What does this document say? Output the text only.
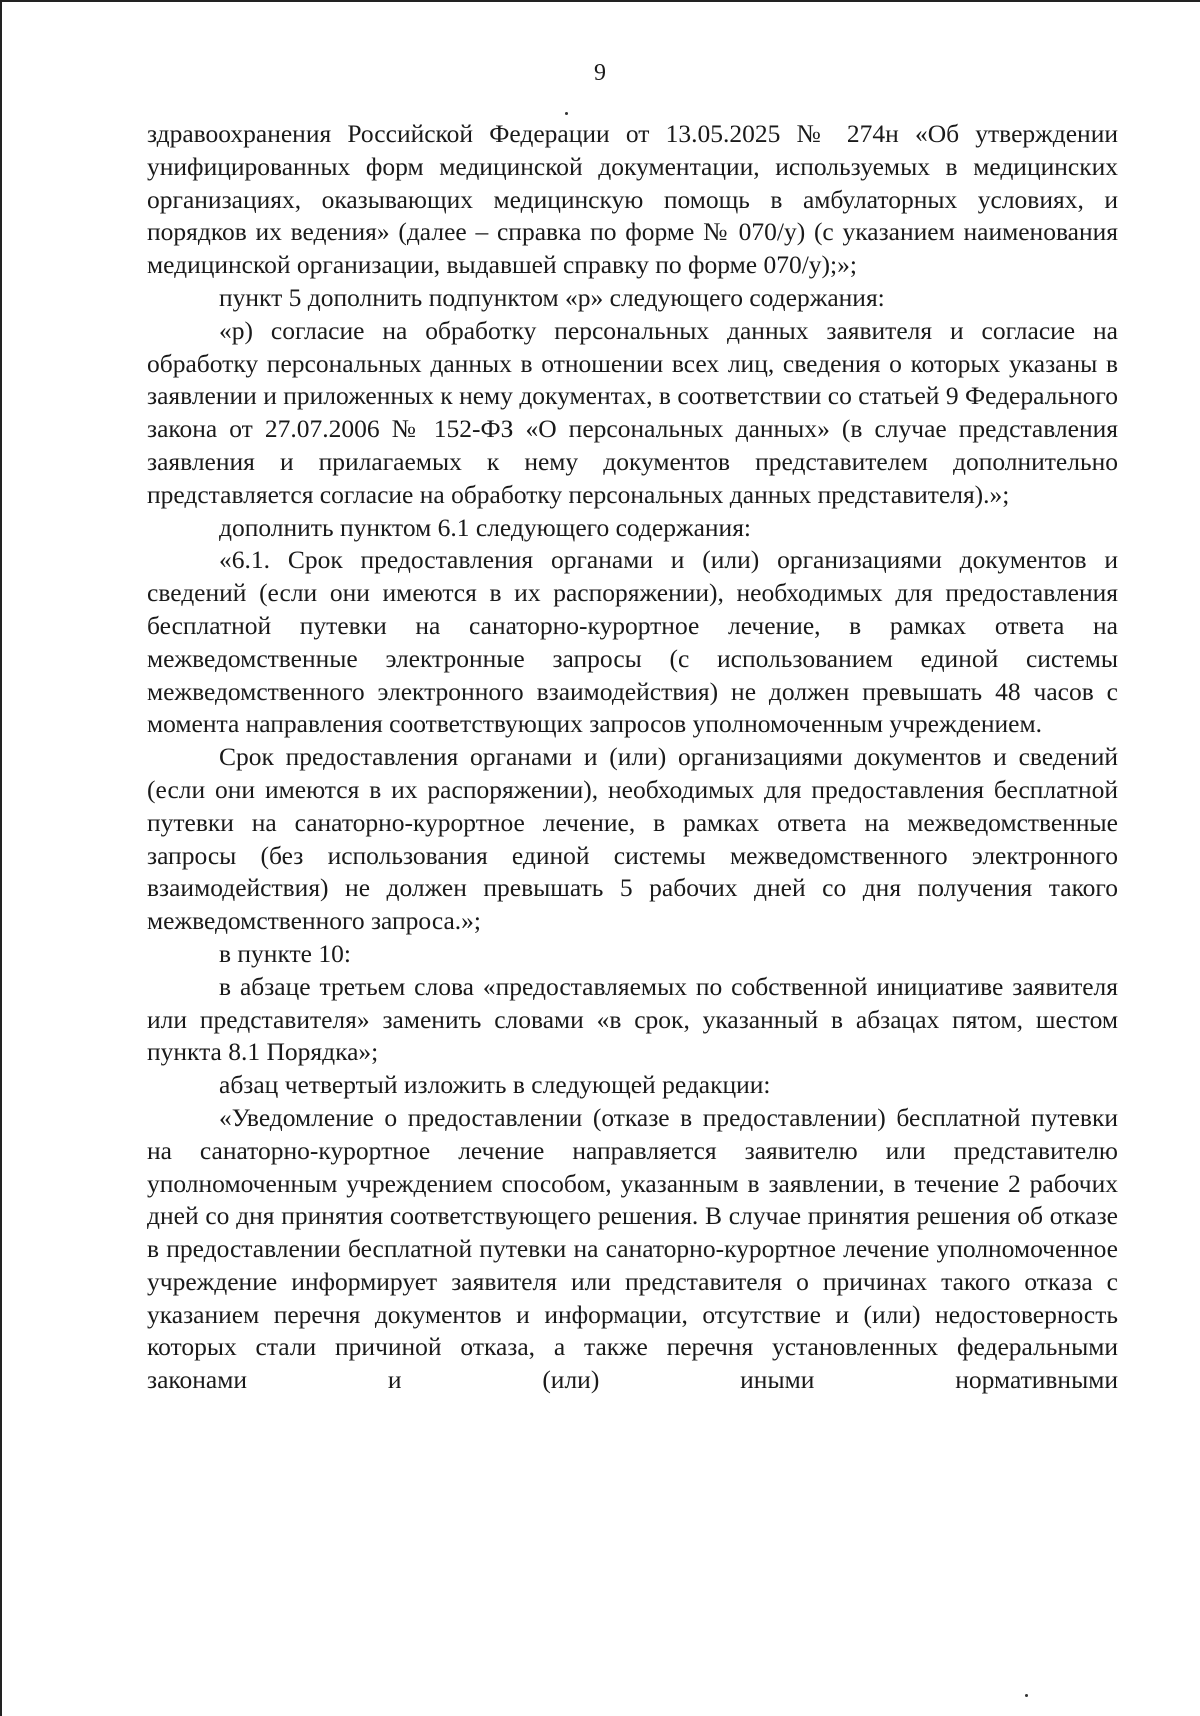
9

здравоохранения Российской Федерации от 13.05.2025 № 274н «Об утверждении унифицированных форм медицинской документации, используемых в медицинских организациях, оказывающих медицинскую помощь в амбулаторных условиях, и порядков их ведения» (далее – справка по форме № 070/у) (с указанием наименования медицинской организации, выдавшей справку по форме 070/у);»;

пункт 5 дополнить подпунктом «р» следующего содержания:

«р) согласие на обработку персональных данных заявителя и согласие на обработку персональных данных в отношении всех лиц, сведения о которых указаны в заявлении и приложенных к нему документах, в соответствии со статьей 9 Федерального закона от 27.07.2006 № 152-ФЗ «О персональных данных» (в случае представления заявления и прилагаемых к нему документов представителем дополнительно представляется согласие на обработку персональных данных представителя).»;

дополнить пунктом 6.1 следующего содержания:

«6.1. Срок предоставления органами и (или) организациями документов и сведений (если они имеются в их распоряжении), необходимых для предоставления бесплатной путевки на санаторно-курортное лечение, в рамках ответа на межведомственные электронные запросы (с использованием единой системы межведомственного электронного взаимодействия) не должен превышать 48 часов с момента направления соответствующих запросов уполномоченным учреждением.

Срок предоставления органами и (или) организациями документов и сведений (если они имеются в их распоряжении), необходимых для предоставления бесплатной путевки на санаторно-курортное лечение, в рамках ответа на межведомственные запросы (без использования единой системы межведомственного электронного взаимодействия) не должен превышать 5 рабочих дней со дня получения такого межведомственного запроса.»;

в пункте 10:

в абзаце третьем слова «предоставляемых по собственной инициативе заявителя или представителя» заменить словами «в срок, указанный в абзацах пятом, шестом пункта 8.1 Порядка»;

абзац четвертый изложить в следующей редакции:

«Уведомление о предоставлении (отказе в предоставлении) бесплатной путевки на санаторно-курортное лечение направляется заявителю или представителю уполномоченным учреждением способом, указанным в заявлении, в течение 2 рабочих дней со дня принятия соответствующего решения. В случае принятия решения об отказе в предоставлении бесплатной путевки на санаторно-курортное лечение уполномоченное учреждение информирует заявителя или представителя о причинах такого отказа с указанием перечня документов и информации, отсутствие и (или) недостоверность которых стали причиной отказа, а также перечня установленных федеральными законами и (или) иными нормативными
